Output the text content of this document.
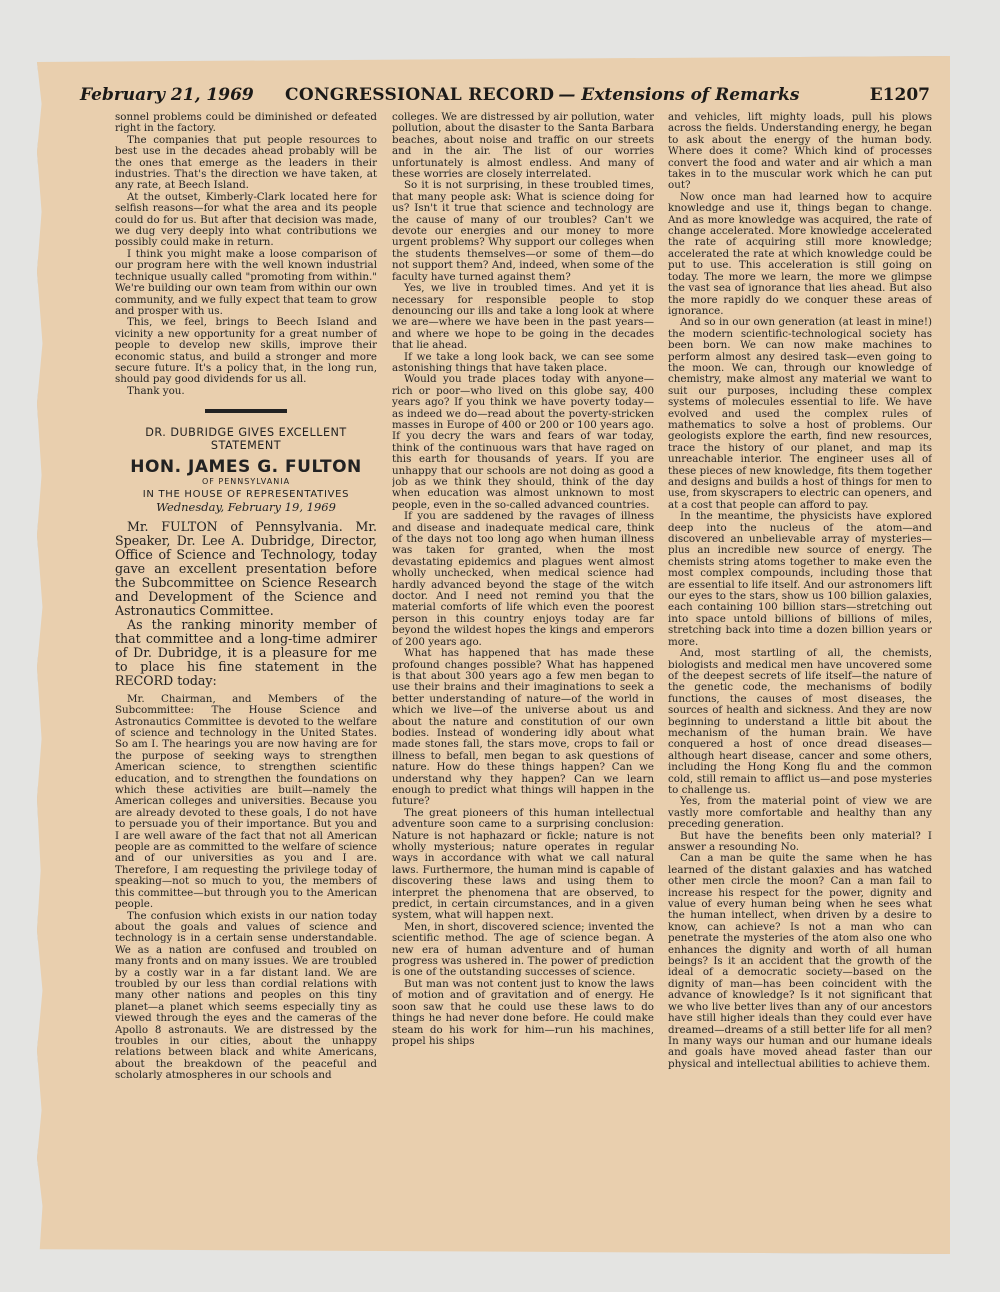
February 21, 1969	CONGRESSIONAL RECORD — Extensions of Remarks	E1207

sonnel problems could be diminished or defeated right in the factory.

The companies that put people resources to best use in the decades ahead probably will be the ones that emerge as the leaders in their industries. That's the direction we have taken, at any rate, at Beech Island.

At the outset, Kimberly-Clark located here for selfish reasons—for what the area and its people could do for us. But after that decision was made, we dug very deeply into what contributions we possibly could make in return.

I think you might make a loose comparison of our program here with the well known industrial technique usually called "promoting from within." We're building our own team from within our own community, and we fully expect that team to grow and prosper with us.

This, we feel, brings to Beech Island and vicinity a new opportunity for a great number of people to develop new skills, improve their economic status, and build a stronger and more secure future. It's a policy that, in the long run, should pay good dividends for us all.

Thank you.

DR. DUBRIDGE GIVES EXCELLENT STATEMENT
HON. JAMES G. FULTON
OF PENNSYLVANIA
IN THE HOUSE OF REPRESENTATIVES
Wednesday, February 19, 1969

Mr. FULTON of Pennsylvania. Mr. Speaker, Dr. Lee A. Dubridge, Director, Office of Science and Technology, today gave an excellent presentation before the Subcommittee on Science Research and Development of the Science and Astronautics Committee.

As the ranking minority member of that committee and a long-time admirer of Dr. Dubridge, it is a pleasure for me to place his fine statement in the RECORD today:

Mr. Chairman, and Members of the Subcommittee: The House Science and Astronautics Committee is devoted to the welfare of science and technology in the United States. So am I. The hearings you are now having are for the purpose of seeking ways to strengthen American science, to strengthen scientific education, and to strengthen the foundations on which these activities are built—namely the American colleges and universities. Because you are already devoted to these goals, I do not have to persuade you of their importance. But you and I are well aware of the fact that not all American people are as committed to the welfare of science and of our universities as you and I are. Therefore, I am requesting the privilege today of speaking—not so much to you, the members of this committee—but through you to the American people.

The confusion which exists in our nation today about the goals and values of science and technology is in a certain sense understandable. We as a nation are confused and troubled on many fronts and on many issues. We are troubled by a costly war in a far distant land. We are troubled by our less than cordial relations with many other nations and peoples on this tiny planet—a planet which seems especially tiny as viewed through the eyes and the cameras of the Apollo 8 astronauts. We are distressed by the troubles in our cities, about the unhappy relations between black and white Americans, about the breakdown of the peaceful and scholarly atmospheres in our schools and

colleges. We are distressed by air pollution, water pollution, about the disaster to the Santa Barbara beaches, about noise and traffic on our streets and in the air. The list of our worries unfortunately is almost endless. And many of these worries are closely interrelated.

So it is not surprising, in these troubled times, that many people ask: What is science doing for us? Isn't it true that science and technology are the cause of many of our troubles? Can't we devote our energies and our money to more urgent problems? Why support our colleges when the students themselves—or some of them—do not support them? And, indeed, when some of the faculty have turned against them?

Yes, we live in troubled times. And yet it is necessary for responsible people to stop denouncing our ills and take a long look at where we are—where we have been in the past years—and where we hope to be going in the decades that lie ahead.

If we take a long look back, we can see some astonishing things that have taken place.

Would you trade places today with anyone—rich or poor—who lived on this globe say, 400 years ago? If you think we have poverty today—as indeed we do—read about the poverty-stricken masses in Europe of 400 or 200 or 100 years ago. If you decry the wars and fears of war today, think of the continuous wars that have raged on this earth for thousands of years. If you are unhappy that our schools are not doing as good a job as we think they should, think of the day when education was almost unknown to most people, even in the so-called advanced countries.

If you are saddened by the ravages of illness and disease and inadequate medical care, think of the days not too long ago when human illness was taken for granted, when the most devastating epidemics and plagues went almost wholly unchecked, when medical science had hardly advanced beyond the stage of the witch doctor. And I need not remind you that the material comforts of life which even the poorest person in this country enjoys today are far beyond the wildest hopes the kings and emperors of 200 years ago.

What has happened that has made these profound changes possible? What has happened is that about 300 years ago a few men began to use their brains and their imaginations to seek a better understanding of nature—of the world in which we live—of the universe about us and about the nature and constitution of our own bodies. Instead of wondering idly about what made stones fall, the stars move, crops to fail or illness to befall, men began to ask questions of nature. How do these things happen? Can we understand why they happen? Can we learn enough to predict what things will happen in the future?

The great pioneers of this human intellectual adventure soon came to a surprising conclusion: Nature is not haphazard or fickle; nature is not wholly mysterious; nature operates in regular ways in accordance with what we call natural laws. Furthermore, the human mind is capable of discovering these laws and using them to interpret the phenomena that are observed, to predict, in certain circumstances, and in a given system, what will happen next.

Men, in short, discovered science; invented the scientific method. The age of science began. A new era of human adventure and of human progress was ushered in. The power of prediction is one of the outstanding successes of science.

But man was not content just to know the laws of motion and of gravitation and of energy. He soon saw that he could use these laws to do things he had never done before. He could make steam do his work for him—run his machines, propel his ships

and vehicles, lift mighty loads, pull his plows across the fields. Understanding energy, he began to ask about the energy of the human body. Where does it come? Which kind of processes convert the food and water and air which a man takes in to the muscular work which he can put out?

Now once man had learned how to acquire knowledge and use it, things began to change. And as more knowledge was acquired, the rate of change accelerated. More knowledge accelerated the rate of acquiring still more knowledge; accelerated the rate at which knowledge could be put to use. This acceleration is still going on today. The more we learn, the more we glimpse the vast sea of ignorance that lies ahead. But also the more rapidly do we conquer these areas of ignorance.

And so in our own generation (at least in mine!) the modern scientific-technological society has been born. We can now make machines to perform almost any desired task—even going to the moon. We can, through our knowledge of chemistry, make almost any material we want to suit our purposes, including these complex systems of molecules essential to life. We have evolved and used the complex rules of mathematics to solve a host of problems. Our geologists explore the earth, find new resources, trace the history of our planet, and map its unreachable interior. The engineer uses all of these pieces of new knowledge, fits them together and designs and builds a host of things for men to use, from skyscrapers to electric can openers, and at a cost that people can afford to pay.

In the meantime, the physicists have explored deep into the nucleus of the atom—and discovered an unbelievable array of mysteries—plus an incredible new source of energy. The chemists string atoms together to make even the most complex compounds, including those that are essential to life itself. And our astronomers lift our eyes to the stars, show us 100 billion galaxies, each containing 100 billion stars—stretching out into space untold billions of billions of miles, stretching back into time a dozen billion years or more.

And, most startling of all, the chemists, biologists and medical men have uncovered some of the deepest secrets of life itself—the nature of the genetic code, the mechanisms of bodily functions, the causes of most diseases, the sources of health and sickness. And they are now beginning to understand a little bit about the mechanism of the human brain. We have conquered a host of once dread diseases—although heart disease, cancer and some others, including the Hong Kong flu and the common cold, still remain to afflict us—and pose mysteries to challenge us.

Yes, from the material point of view we are vastly more comfortable and healthy than any preceding generation.

But have the benefits been only material? I answer a resounding No.

Can a man be quite the same when he has learned of the distant galaxies and has watched other men circle the moon? Can a man fail to increase his respect for the power, dignity and value of every human being when he sees what the human intellect, when driven by a desire to know, can achieve? Is not a man who can penetrate the mysteries of the atom also one who enhances the dignity and worth of all human beings? Is it an accident that the growth of the ideal of a democratic society—based on the dignity of man—has been coincident with the advance of knowledge? Is it not significant that we who live better lives than any of our ancestors have still higher ideals than they could ever have dreamed—dreams of a still better life for all men? In many ways our human and our humane ideals and goals have moved ahead faster than our physical and intellectual abilities to achieve them.
